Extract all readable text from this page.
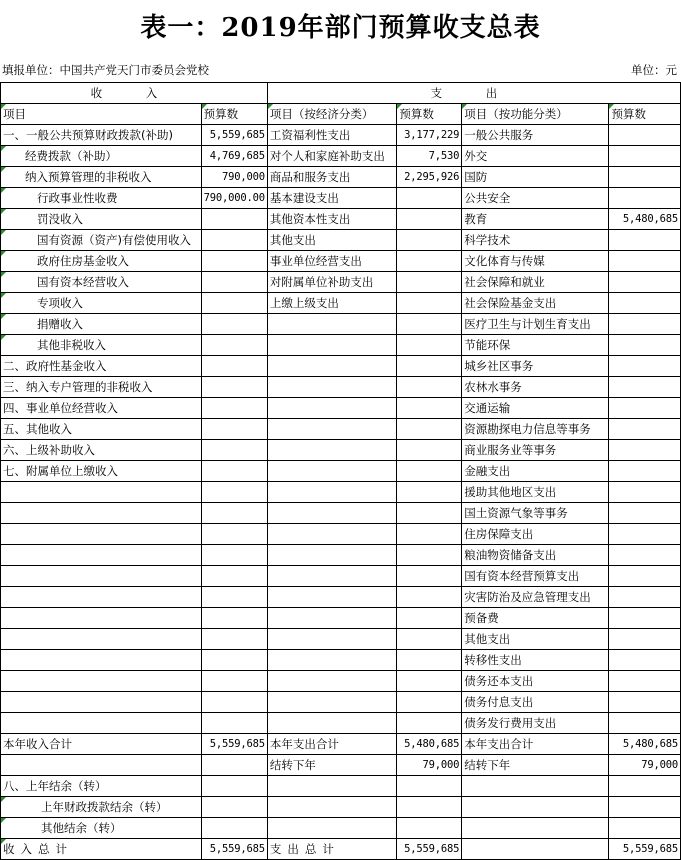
表一：2019年部门预算收支总表
填报单位：中国共产党天门市委员会党校	单位：元
收 入		支 出			
项目	预算数	项目（按经济分类）	预算数	项目（按功能分类）	预算数
一、一般公共预算财政拨款(补助)	5,559,685	工资福利性支出	3,177,229	一般公共服务	
经费拨款（补助）	4,769,685	对个人和家庭补助支出	7,530	外交	
纳入预算管理的非税收入	790,000	商品和服务支出	2,295,926	国防	
行政事业性收费	790,000.00	基本建设支出		公共安全	
罚没收入		其他资本性支出		教育	5,480,685
国有资源（资产)有偿使用收入		其他支出		科学技术	
政府住房基金收入		事业单位经营支出		文化体育与传媒	
国有资本经营收入		对附属单位补助支出		社会保障和就业	
专项收入		上缴上级支出		社会保险基金支出	
捐赠收入				医疗卫生与计划生育支出	
其他非税收入				节能环保	
二、政府性基金收入				城乡社区事务	
三、纳入专户管理的非税收入				农林水事务	
四、事业单位经营收入				交通运输	
五、其他收入				资源勘探电力信息等事务	
六、上级补助收入				商业服务业等事务	
七、附属单位上缴收入				金融支出	
				援助其他地区支出	
				国土资源气象等事务	
				住房保障支出	
				粮油物资储备支出	
				国有资本经营预算支出	
				灾害防治及应急管理支出	
				预备费	
				其他支出	
				转移性支出	
				债务还本支出	
				债务付息支出	
				债务发行费用支出	
本年收入合计	5,559,685	本年支出合计	5,480,685	本年支出合计	5,480,685
		结转下年	79,000	结转下年	79,000
八、上年结余（转）					
上年财政拨款结余（转）					
其他结余（转）					
收入总计	5,559,685	支出总计	5,559,685		5,559,685
